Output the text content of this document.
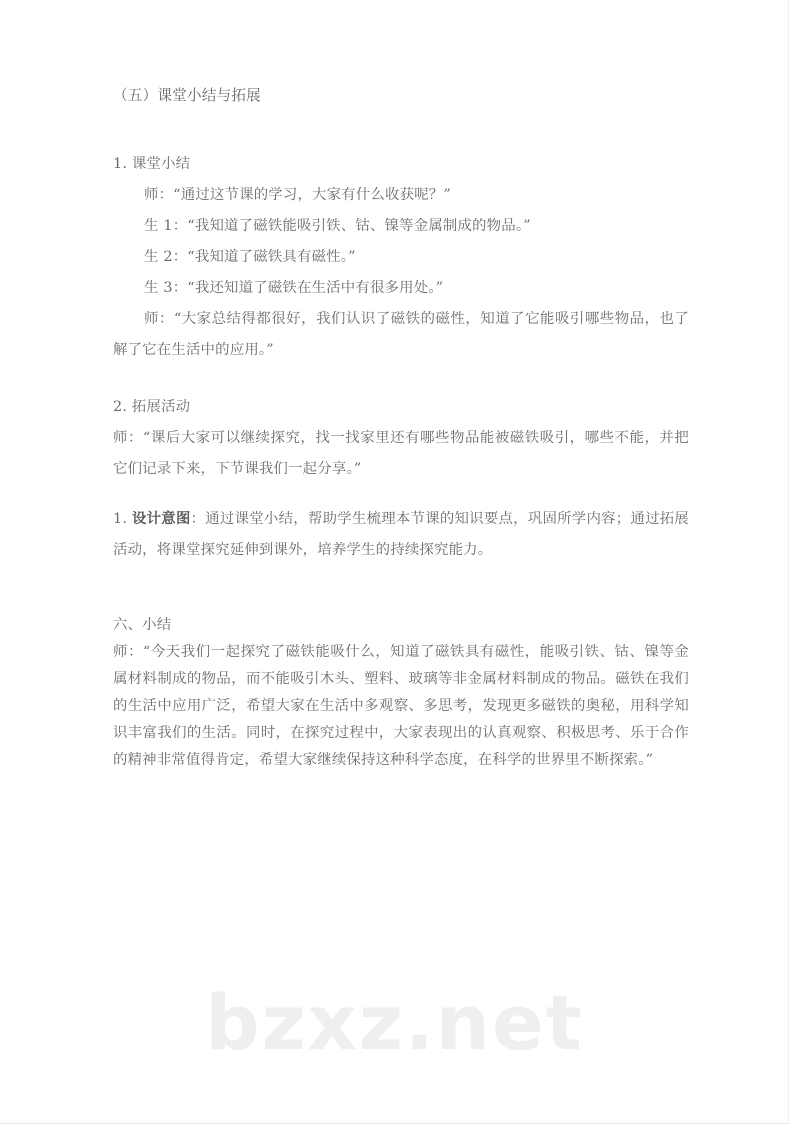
（五）课堂小结与拓展

1. 课堂小结

师：“通过这节课的学习，大家有什么收获呢？”

生 1：“我知道了磁铁能吸引铁、钴、镍等金属制成的物品。”

生 2：“我知道了磁铁具有磁性。”

生 3：“我还知道了磁铁在生活中有很多用处。”

师：“大家总结得都很好，我们认识了磁铁的磁性，知道了它能吸引哪些物品，也了解了它在生活中的应用。”

2. 拓展活动

师：“课后大家可以继续探究，找一找家里还有哪些物品能被磁铁吸引，哪些不能，并把它们记录下来，下节课我们一起分享。”

1. 设计意图：通过课堂小结，帮助学生梳理本节课的知识要点，巩固所学内容；通过拓展活动，将课堂探究延伸到课外，培养学生的持续探究能力。

六、小结

师：“今天我们一起探究了磁铁能吸什么，知道了磁铁具有磁性，能吸引铁、钴、镍等金属材料制成的物品，而不能吸引木头、塑料、玻璃等非金属材料制成的物品。磁铁在我们的生活中应用广泛，希望大家在生活中多观察、多思考，发现更多磁铁的奥秘，用科学知识丰富我们的生活。同时，在探究过程中，大家表现出的认真观察、积极思考、乐于合作的精神非常值得肯定，希望大家继续保持这种科学态度，在科学的世界里不断探索。”

bzxz.net
